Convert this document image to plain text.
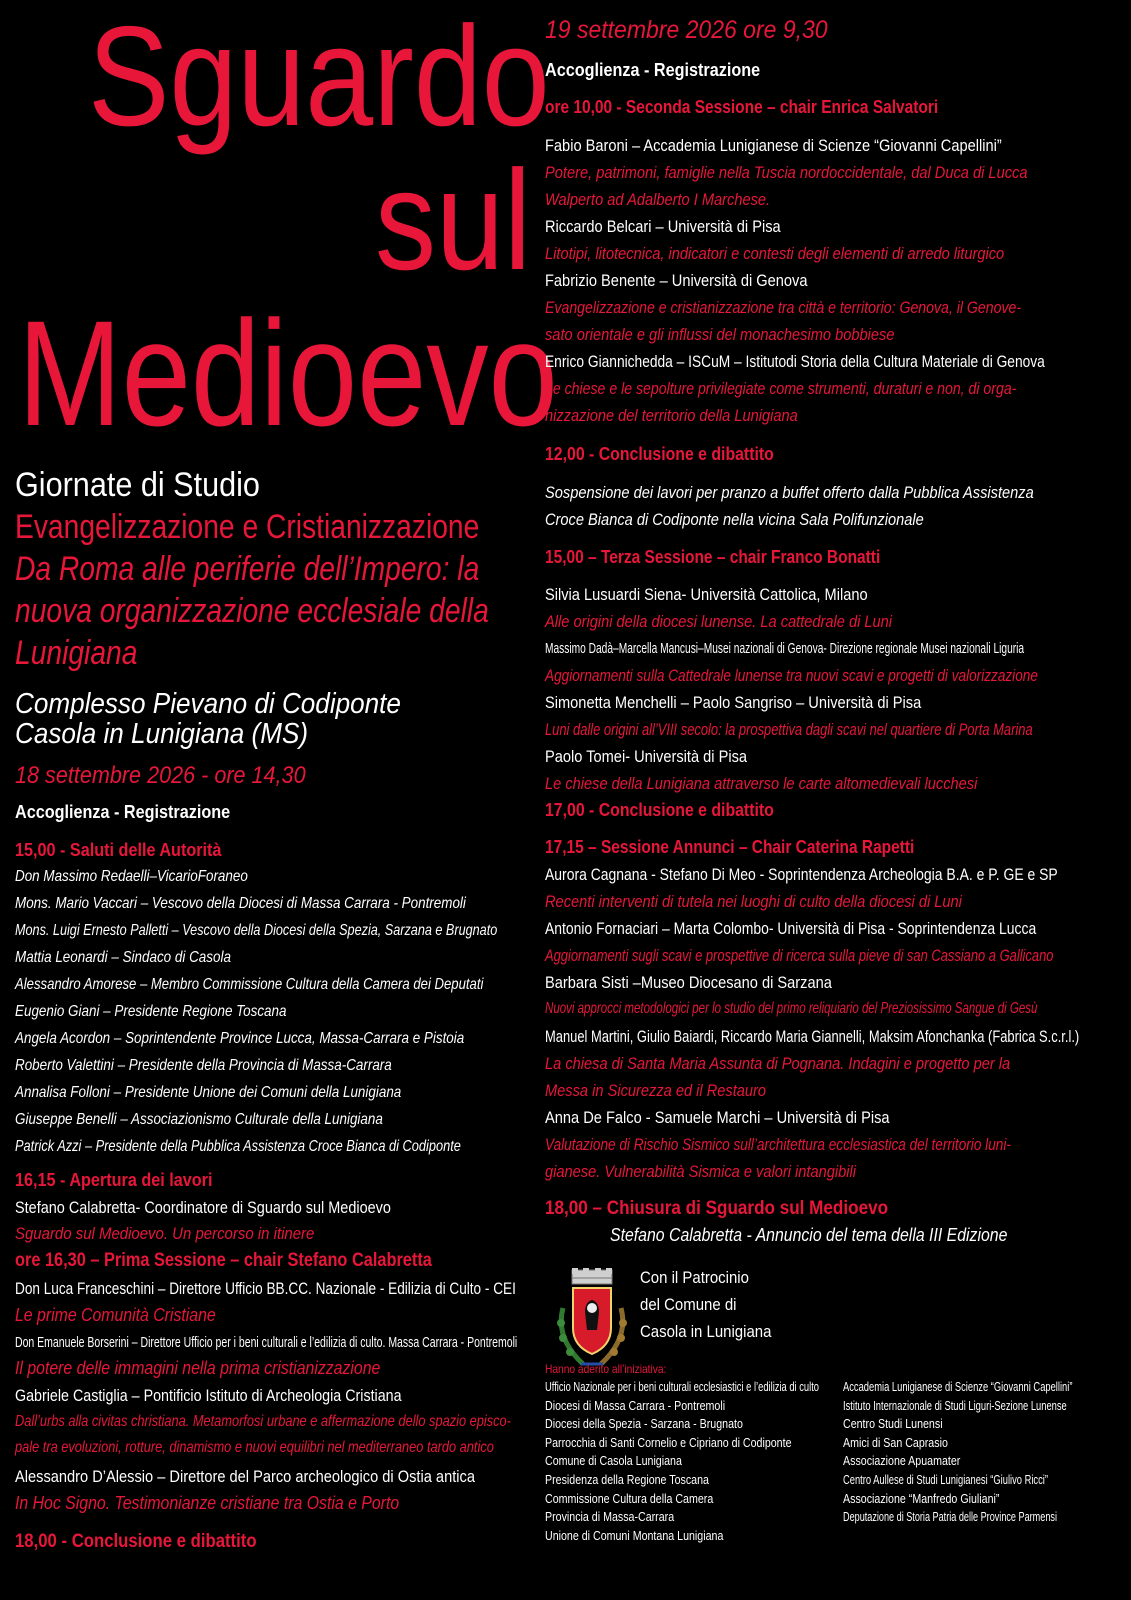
Sguardo
sul
Medioevo
Giornate di Studio
Evangelizzazione e Cristianizzazione
Da Roma alle periferie dell’Impero: la
nuova organizzazione ecclesiale della
Lunigiana
Complesso Pievano di Codiponte
Casola in Lunigiana (MS)
18 settembre 2026 - ore 14,30
Accoglienza - Registrazione
15,00 - Saluti delle Autorità
Don Massimo Redaelli–VicarioForaneo
Mons. Mario Vaccari – Vescovo della Diocesi di Massa Carrara - Pontremoli
Mons. Luigi Ernesto Palletti – Vescovo della Diocesi della Spezia, Sarzana e Brugnato
Mattia Leonardi – Sindaco di Casola
Alessandro Amorese – Membro Commissione Cultura della Camera dei Deputati
Eugenio Giani – Presidente Regione Toscana
Angela Acordon – Soprintendente Province Lucca, Massa-Carrara e Pistoia
Roberto Valettini – Presidente della Provincia di Massa-Carrara
Annalisa Folloni – Presidente Unione dei Comuni della Lunigiana
Giuseppe Benelli – Associazionismo Culturale della Lunigiana
Patrick Azzi – Presidente della Pubblica Assistenza Croce Bianca di Codiponte
16,15 - Apertura dei lavori
Stefano Calabretta- Coordinatore di Sguardo sul Medioevo
Sguardo sul Medioevo. Un percorso in itinere
ore 16,30 – Prima Sessione – chair Stefano Calabretta
Don Luca Franceschini – Direttore Ufficio BB.CC. Nazionale - Edilizia di Culto - CEI
Le prime Comunità Cristiane
Don Emanuele Borserini – Direttore Ufficio per i beni culturali e l’edilizia di culto. Massa Carrara - Pontremoli
Il potere delle immagini nella prima cristianizzazione
Gabriele Castiglia – Pontificio Istituto di Archeologia Cristiana
Dall’urbs alla civitas christiana. Metamorfosi urbane e affermazione dello spazio episco-
pale tra evoluzioni, rotture, dinamismo e nuovi equilibri nel mediterraneo tardo antico
Alessandro D’Alessio – Direttore del Parco archeologico di Ostia antica
In Hoc Signo. Testimonianze cristiane tra Ostia e Porto
18,00 - Conclusione e dibattito
19 settembre 2026 ore 9,30
Accoglienza - Registrazione
ore 10,00 - Seconda Sessione – chair Enrica Salvatori
Fabio Baroni – Accademia Lunigianese di Scienze “Giovanni Capellini”
Potere, patrimoni, famiglie nella Tuscia nordoccidentale, dal Duca di Lucca
Walperto ad Adalberto I Marchese.
Riccardo Belcari – Università di Pisa
Litotipi, litotecnica, indicatori e contesti degli elementi di arredo liturgico
Fabrizio Benente – Università di Genova
Evangelizzazione e cristianizzazione tra città e territorio: Genova, il Genove-
sato orientale e gli influssi del monachesimo bobbiese
Enrico Giannichedda – ISCuM – Istitutodi Storia della Cultura Materiale di Genova
Le chiese e le sepolture privilegiate come strumenti, duraturi e non, di orga-
nizzazione del territorio della Lunigiana
12,00 - Conclusione e dibattito
Sospensione dei lavori per pranzo a buffet offerto dalla Pubblica Assistenza
Croce Bianca di Codiponte nella vicina Sala Polifunzionale
15,00 – Terza Sessione – chair Franco Bonatti
Silvia Lusuardi Siena- Università Cattolica, Milano
Alle origini della diocesi lunense. La cattedrale di Luni
Massimo Dadà–Marcella Mancusi–Musei nazionali di Genova- Direzione regionale Musei nazionali Liguria
Aggiornamenti sulla Cattedrale lunense tra nuovi scavi e progetti di valorizzazione
Simonetta Menchelli – Paolo Sangriso – Università di Pisa
Luni dalle origini all’VIII secolo: la prospettiva dagli scavi nel quartiere di Porta Marina
Paolo Tomei- Università di Pisa
Le chiese della Lunigiana attraverso le carte altomedievali lucchesi
17,00 - Conclusione e dibattito
17,15 – Sessione Annunci – Chair Caterina Rapetti
Aurora Cagnana - Stefano Di Meo - Soprintendenza Archeologia B.A. e P. GE e SP
Recenti interventi di tutela nei luoghi di culto della diocesi di Luni
Antonio Fornaciari – Marta Colombo- Università di Pisa - Soprintendenza Lucca
Aggiornamenti sugli scavi e prospettive di ricerca sulla pieve di san Cassiano a Gallicano
Barbara Sisti –Museo Diocesano di Sarzana
Nuovi approcci metodologici per lo studio del primo reliquiario del Preziosissimo Sangue di Gesù
Manuel Martini, Giulio Baiardi, Riccardo Maria Giannelli, Maksim Afonchanka (Fabrica S.c.r.l.)
La chiesa di Santa Maria Assunta di Pognana. Indagini e progetto per la
Messa in Sicurezza ed il Restauro
Anna De Falco - Samuele Marchi – Università di Pisa
Valutazione di Rischio Sismico sull’architettura ecclesiastica del territorio luni-
gianese. Vulnerabilità Sismica e valori intangibili
18,00 – Chiusura di Sguardo sul Medioevo
Stefano Calabretta - Annuncio del tema della III Edizione
Con il Patrocinio
del Comune di
Casola in Lunigiana
Hanno aderito all’iniziativa:
Ufficio Nazionale per i beni culturali ecclesiastici e l’edilizia di culto
Diocesi di Massa Carrara - Pontremoli
Diocesi della Spezia - Sarzana - Brugnato
Parrocchia di Santi Cornelio e Cipriano di Codiponte
Comune di Casola Lunigiana
Presidenza della Regione Toscana
Commissione Cultura della Camera
Provincia di Massa-Carrara
Unione di Comuni Montana Lunigiana
Accademia Lunigianese di Scienze “Giovanni Capellini”
Istituto Internazionale di Studi Liguri-Sezione Lunense
Centro Studi Lunensi
Amici di San Caprasio
Associazione Apuamater
Centro Aullese di Studi Lunigianesi “Giulivo Ricci”
Associazione “Manfredo Giuliani”
Deputazione di Storia Patria delle Province Parmensi
